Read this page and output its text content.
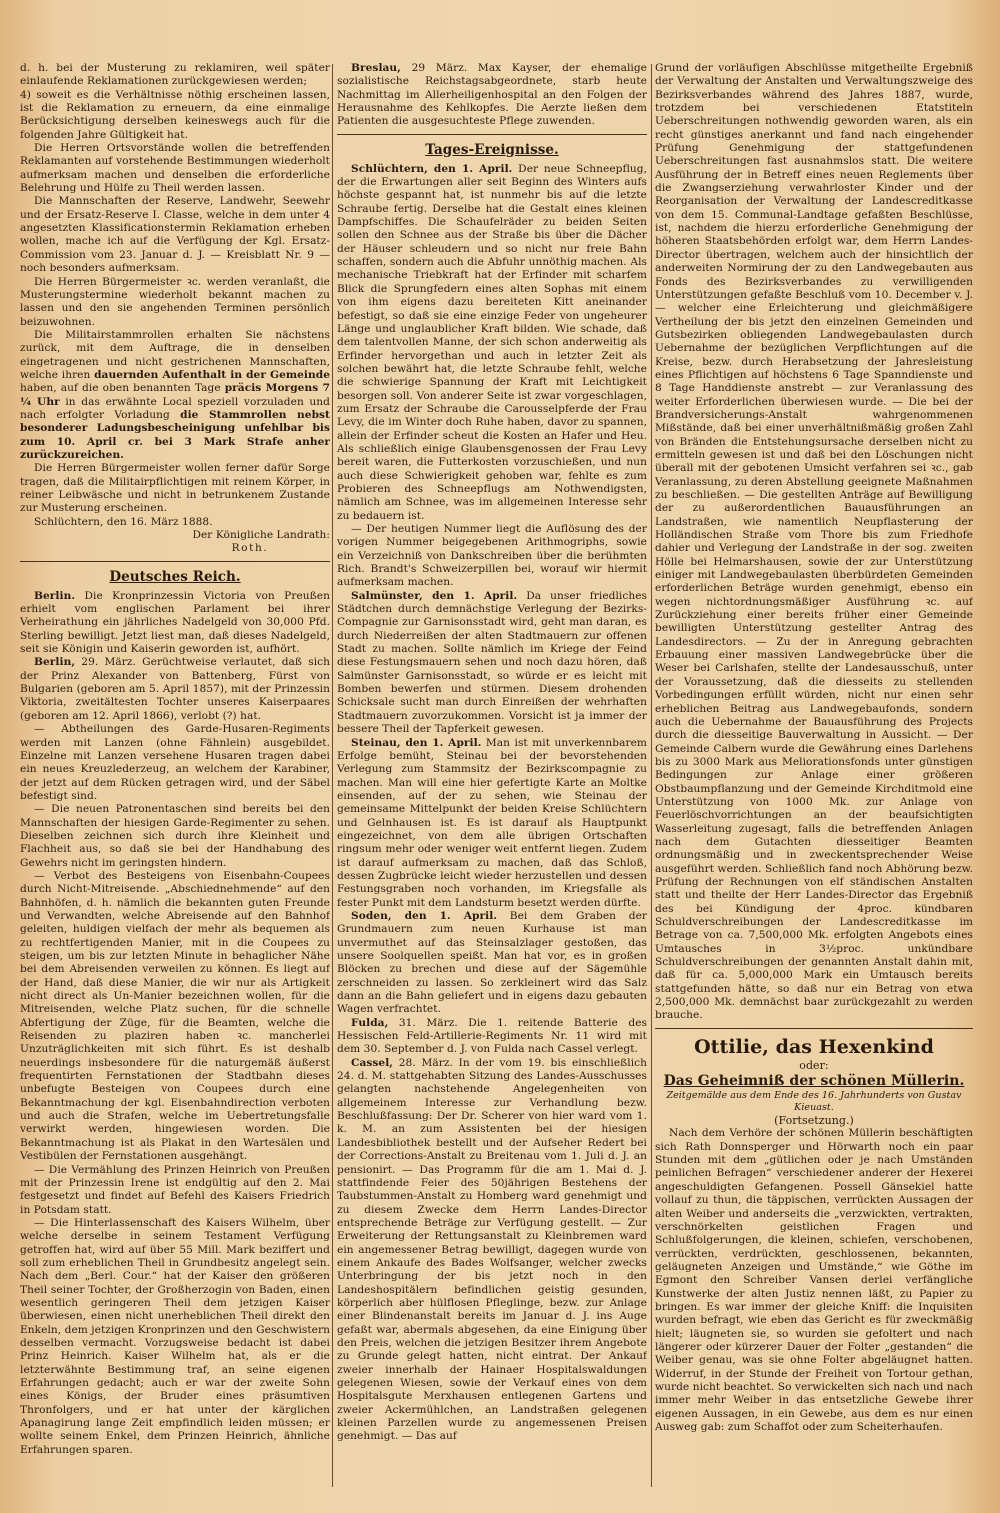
d. h. bei der Musterung zu reklamiren, weil später einlaufende Reklamationen zurückgewiesen werden;

4) soweit es die Verhältnisse nöthig erscheinen lassen, ist die Reklamation zu erneuern, da eine einmalige Berücksichtigung derselben keineswegs auch für die folgenden Jahre Gültigkeit hat.

Die Herren Ortsvorstände wollen die betreffenden Reklamanten auf vorstehende Bestimmungen wiederholt aufmerksam machen und denselben die erforderliche Belehrung und Hülfe zu Theil werden lassen.

Die Mannschaften der Reserve, Landwehr, Seewehr und der Ersatz-Reserve I. Classe, welche in dem unter 4 angesetzten Klassificationstermin Reklamation erheben wollen, mache ich auf die Verfügung der Kgl. Ersatz-Commission vom 23. Januar d. J. — Kreisblatt Nr. 9 — noch besonders aufmerksam.

Die Herren Bürgermeister ꝛc. werden veranlaßt, die Musterungstermine wiederholt bekannt machen zu lassen und den sie angehenden Terminen persönlich beizuwohnen.

Die Militairstammrollen erhalten Sie nächstens zurück, mit dem Auftrage, die in denselben eingetragenen und nicht gestrichenen Mannschaften, welche ihren dauernden Aufenthalt in der Gemeinde haben, auf die oben benannten Tage präcis Morgens 7 ¼ Uhr in das erwähnte Local speziell vorzuladen und nach erfolgter Vorladung die Stammrollen nebst besonderer Ladungsbescheinigung unfehlbar bis zum 10. April cr. bei 3 Mark Strafe anher zurückzureichen.

Die Herren Bürgermeister wollen ferner dafür Sorge tragen, daß die Militairpflichtigen mit reinem Körper, in reiner Leibwäsche und nicht in betrunkenem Zustande zur Musterung erscheinen.

Schlüchtern, den 16. März 1888.

Der Königliche Landrath:

Roth.

Deutsches Reich.

Berlin. Die Kronprinzessin Victoria von Preußen erhielt vom englischen Parlament bei ihrer Verheirathung ein jährliches Nadelgeld von 30,000 Pfd. Sterling bewilligt. Jetzt liest man, daß dieses Nadelgeld, seit sie Königin und Kaiserin geworden ist, aufhört.

Berlin, 29. März. Gerüchtweise verlautet, daß sich der Prinz Alexander von Battenberg, Fürst von Bulgarien (geboren am 5. April 1857), mit der Prinzessin Viktoria, zweitältesten Tochter unseres Kaiserpaares (geboren am 12. April 1866), verlobt (?) hat.

— Abtheilungen des Garde-Husaren-Regiments werden mit Lanzen (ohne Fähnlein) ausgebildet. Einzelne mit Lanzen versehene Husaren tragen dabei ein neues Kreuzlederzeug, an welchem der Karabiner, der jetzt auf dem Rücken getragen wird, und der Säbel befestigt sind.

— Die neuen Patronentaschen sind bereits bei den Mannschaften der hiesigen Garde-Regimenter zu sehen. Dieselben zeichnen sich durch ihre Kleinheit und Flachheit aus, so daß sie bei der Handhabung des Gewehrs nicht im geringsten hindern.

— Verbot des Besteigens von Eisenbahn-Coupees durch Nicht-Mitreisende. „Abschiednehmende“ auf den Bahnhöfen, d. h. nämlich die bekannten guten Freunde und Verwandten, welche Abreisende auf den Bahnhof geleiten, huldigen vielfach der mehr als bequemen als zu rechtfertigenden Manier, mit in die Coupees zu steigen, um bis zur letzten Minute in behaglicher Nähe bei dem Abreisenden verweilen zu können. Es liegt auf der Hand, daß diese Manier, die wir nur als Artigkeit nicht direct als Un-Manier bezeichnen wollen, für die Mitreisenden, welche Platz suchen, für die schnelle Abfertigung der Züge, für die Beamten, welche die Reisenden zu plaziren haben ꝛc. mancherlei Unzuträglichkeiten mit sich führt. Es ist deshalb neuerdings insbesondere für die naturgemäß äußerst frequentirten Fernstationen der Stadtbahn dieses unbefugte Besteigen von Coupees durch eine Bekanntmachung der kgl. Eisenbahndirection verboten und auch die Strafen, welche im Uebertretungsfalle verwirkt werden, hingewiesen worden. Die Bekanntmachung ist als Plakat in den Wartesälen und Vestibülen der Fernstationen ausgehängt.

— Die Vermählung des Prinzen Heinrich von Preußen mit der Prinzessin Irene ist endgültig auf den 2. Mai festgesetzt und findet auf Befehl des Kaisers Friedrich in Potsdam statt.

— Die Hinterlassenschaft des Kaisers Wilhelm, über welche derselbe in seinem Testament Verfügung getroffen hat, wird auf über 55 Mill. Mark beziffert und soll zum erheblichen Theil in Grundbesitz angelegt sein. Nach dem „Berl. Cour.“ hat der Kaiser den größeren Theil seiner Tochter, der Großherzogin von Baden, einen wesentlich geringeren Theil dem jetzigen Kaiser überwiesen, einen nicht unerheblichen Theil direkt den Enkeln, dem jetzigen Kronprinzen und den Geschwistern desselben vermacht. Vorzugsweise bedacht ist dabei Prinz Heinrich. Kaiser Wilhelm hat, als er die letzterwähnte Bestimmung traf, an seine eigenen Erfahrungen gedacht; auch er war der zweite Sohn eines Königs, der Bruder eines präsumtiven Thronfolgers, und er hat unter der kärglichen Apanagirung lange Zeit empfindlich leiden müssen; er wollte seinem Enkel, dem Prinzen Heinrich, ähnliche Erfahrungen sparen.

Breslau, 29 März. Max Kayser, der ehemalige sozialistische Reichstagsabgeordnete, starb heute Nachmittag im Allerheiligenhospital an den Folgen der Herausnahme des Kehlkopfes. Die Aerzte ließen dem Patienten die ausgesuchteste Pflege zuwenden.

Tages-Ereignisse.

Schlüchtern, den 1. April. Der neue Schneepflug, der die Erwartungen aller seit Beginn des Winters aufs höchste gespannt hat, ist nunmehr bis auf die letzte Schraube fertig. Derselbe hat die Gestalt eines kleinen Dampfschiffes. Die Schaufelräder zu beiden Seiten sollen den Schnee aus der Straße bis über die Dächer der Häuser schleudern und so nicht nur freie Bahn schaffen, sondern auch die Abfuhr unnöthig machen. Als mechanische Triebkraft hat der Erfinder mit scharfem Blick die Sprungfedern eines alten Sophas mit einem von ihm eigens dazu bereiteten Kitt aneinander befestigt, so daß sie eine einzige Feder von ungeheurer Länge und unglaublicher Kraft bilden. Wie schade, daß dem talentvollen Manne, der sich schon anderweitig als Erfinder hervorgethan und auch in letzter Zeit als solchen bewährt hat, die letzte Schraube fehlt, welche die schwierige Spannung der Kraft mit Leichtigkeit besorgen soll. Von anderer Seite ist zwar vorgeschlagen, zum Ersatz der Schraube die Carousselpferde der Frau Levy, die im Winter doch Ruhe haben, davor zu spannen, allein der Erfinder scheut die Kosten an Hafer und Heu. Als schließlich einige Glaubensgenossen der Frau Levy bereit waren, die Futterkosten vorzuschießen, und nun auch diese Schwierigkeit gehoben war, fehlte es zum Probieren des Schneepflugs am Nothwendigsten, nämlich am Schnee, was im allgemeinen Interesse sehr zu bedauern ist.

— Der heutigen Nummer liegt die Auflösung des der vorigen Nummer beigegebenen Arithmogriphs, sowie ein Verzeichniß von Dankschreiben über die berühmten Rich. Brandt's Schweizerpillen bei, worauf wir hiermit aufmerksam machen.

Salmünster, den 1. April. Da unser friedliches Städtchen durch demnächstige Verlegung der Bezirks-Compagnie zur Garnisonsstadt wird, geht man daran, es durch Niederreißen der alten Stadtmauern zur offenen Stadt zu machen. Sollte nämlich im Kriege der Feind diese Festungsmauern sehen und noch dazu hören, daß Salmünster Garnisonsstadt, so würde er es leicht mit Bomben bewerfen und stürmen. Diesem drohenden Schicksale sucht man durch Einreißen der wehrhaften Stadtmauern zuvorzukommen. Vorsicht ist ja immer der bessere Theil der Tapferkeit gewesen.

Steinau, den 1. April. Man ist mit unverkennbarem Erfolge bemüht, Steinau bei der bevorstehenden Verlegung zum Stammsitz der Bezirkscompagnie zu machen. Man will eine hier gefertigte Karte an Moltke einsenden, auf der zu sehen, wie Steinau der gemeinsame Mittelpunkt der beiden Kreise Schlüchtern und Gelnhausen ist. Es ist darauf als Hauptpunkt eingezeichnet, von dem alle übrigen Ortschaften ringsum mehr oder weniger weit entfernt liegen. Zudem ist darauf aufmerksam zu machen, daß das Schloß, dessen Zugbrücke leicht wieder herzustellen und dessen Festungsgraben noch vorhanden, im Kriegsfalle als fester Punkt mit dem Landsturm besetzt werden dürfte.

Soden, den 1. April. Bei dem Graben der Grundmauern zum neuen Kurhause ist man unvermuthet auf das Steinsalzlager gestoßen, das unsere Soolquellen speißt. Man hat vor, es in großen Blöcken zu brechen und diese auf der Sägemühle zerschneiden zu lassen. So zerkleinert wird das Salz dann an die Bahn geliefert und in eigens dazu gebauten Wagen verfrachtet.

Fulda, 31. März. Die 1. reitende Batterie des Hessischen Feld-Artillerie-Regiments Nr. 11 wird mit dem 30. September d. J. von Fulda nach Cassel verlegt.

Cassel, 28. März. In der vom 19. bis einschließlich 24. d. M. stattgehabten Sitzung des Landes-Ausschusses gelangten nachstehende Angelegenheiten von allgemeinem Interesse zur Verhandlung bezw. Beschlußfassung: Der Dr. Scherer von hier ward vom 1. k. M. an zum Assistenten bei der hiesigen Landesbibliothek bestellt und der Aufseher Redert bei der Corrections-Anstalt zu Breitenau vom 1. Juli d. J. an pensionirt. — Das Programm für die am 1. Mai d. J. stattfindende Feier des 50jährigen Bestehens der Taubstummen-Anstalt zu Homberg ward genehmigt und zu diesem Zwecke dem Herrn Landes-Director entsprechende Beträge zur Verfügung gestellt. — Zur Erweiterung der Rettungsanstalt zu Kleinbremen ward ein angemessener Betrag bewilligt, dagegen wurde von einem Ankaufe des Bades Wolfsanger, welcher zwecks Unterbringung der bis jetzt noch in den Landeshospitälern befindlichen geistig gesunden, körperlich aber hülflosen Pfleglinge, bezw. zur Anlage einer Blindenanstalt bereits im Januar d. J. ins Auge gefaßt war, abermals abgesehen, da eine Einigung über den Preis, welchen die jetzigen Besitzer ihrem Angebote zu Grunde gelegt hatten, nicht eintrat. Der Ankauf zweier innerhalb der Hainaer Hospitalswaldungen gelegenen Wiesen, sowie der Verkauf eines von dem Hospitalsgute Merxhausen entlegenen Gartens und zweier Ackermühlchen, an Landstraßen gelegenen kleinen Parzellen wurde zu angemessenen Preisen genehmigt. — Das auf

Grund der vorläufigen Abschlüsse mitgetheilte Ergebniß der Verwaltung der Anstalten und Verwaltungszweige des Bezirksverbandes während des Jahres 1887, wurde, trotzdem bei verschiedenen Etatstiteln Ueberschreitungen nothwendig geworden waren, als ein recht günstiges anerkannt und fand nach eingehender Prüfung Genehmigung der stattgefundenen Ueberschreitungen fast ausnahmslos statt. Die weitere Ausführung der in Betreff eines neuen Reglements über die Zwangserziehung verwahrloster Kinder und der Reorganisation der Verwaltung der Landescreditkasse von dem 15. Communal-Landtage gefaßten Beschlüsse, ist, nachdem die hierzu erforderliche Genehmigung der höheren Staatsbehörden erfolgt war, dem Herrn Landes-Director übertragen, welchem auch der hinsichtlich der anderweiten Normirung der zu den Landwegebauten aus Fonds des Bezirksverbandes zu verwilligenden Unterstützungen gefaßte Beschluß vom 10. December v. J. — welcher eine Erleichterung und gleichmäßigere Vertheilung der bis jetzt den einzelnen Gemeinden und Gutsbezirken obliegenden Landwegebaulasten durch Uebernahme der bezüglichen Verpflichtungen auf die Kreise, bezw. durch Herabsetzung der Jahresleistung eines Pflichtigen auf höchstens 6 Tage Spanndienste und 8 Tage Handdienste anstrebt — zur Veranlassung des weiter Erforderlichen überwiesen wurde. — Die bei der Brandversicherungs-Anstalt wahrgenommenen Mißstände, daß bei einer unverhältnißmäßig großen Zahl von Bränden die Entstehungsursache derselben nicht zu ermitteln gewesen ist und daß bei den Löschungen nicht überall mit der gebotenen Umsicht verfahren sei ꝛc., gab Veranlassung, zu deren Abstellung geeignete Maßnahmen zu beschließen. — Die gestellten Anträge auf Bewilligung der zu außerordentlichen Bauausführungen an Landstraßen, wie namentlich Neupflasterung der Holländischen Straße vom Thore bis zum Friedhofe dahier und Verlegung der Landstraße in der sog. zweiten Hölle bei Helmarshausen, sowie der zur Unterstützung einiger mit Landwegebaulasten überbürdeten Gemeinden erforderlichen Beträge wurden genehmigt, ebenso ein wegen nichtordnungsmäßiger Ausführung ꝛc. auf Zurückziehung einer bereits früher einer Gemeinde bewilligten Unterstützung gestellter Antrag des Landesdirectors. — Zu der in Anregung gebrachten Erbauung einer massiven Landwegebrücke über die Weser bei Carlshafen, stellte der Landesausschuß, unter der Voraussetzung, daß die diesseits zu stellenden Vorbedingungen erfüllt würden, nicht nur einen sehr erheblichen Beitrag aus Landwegebaufonds, sondern auch die Uebernahme der Bauausführung des Projects durch die diesseitige Bauverwaltung in Aussicht. — Der Gemeinde Calbern wurde die Gewährung eines Darlehens bis zu 3000 Mark aus Meliorationsfonds unter günstigen Bedingungen zur Anlage einer größeren Obstbaumpflanzung und der Gemeinde Kirchditmold eine Unterstützung von 1000 Mk. zur Anlage von Feuerlöschvorrichtungen an der beaufsichtigten Wasserleitung zugesagt, falls die betreffenden Anlagen nach dem Gutachten diesseitiger Beamten ordnungsmäßig und in zweckentsprechender Weise ausgeführt werden. Schließlich fand noch Abhörung bezw. Prüfung der Rechnungen von elf ständischen Anstalten statt und theilte der Herr Landes-Director das Ergebniß des bei Kündigung der 4proc. kündbaren Schuldverschreibungen der Landescreditkasse im Betrage von ca. 7,500,000 Mk. erfolgten Angebots eines Umtausches in 3½proc. unkündbare Schuldverschreibungen der genannten Anstalt dahin mit, daß für ca. 5,000,000 Mark ein Umtausch bereits stattgefunden hätte, so daß nur ein Betrag von etwa 2,500,000 Mk. demnächst baar zurückgezahlt zu werden brauche.

Ottilie, das Hexenkind
oder:
Das Geheimniß der schönen Müllerin.
Zeitgemälde aus dem Ende des 16. Jahrhunderts von Gustav Kieuast.
(Fortsetzung.)

Nach dem Verhöre der schönen Müllerin beschäftigten sich Rath Donnsperger und Hörwarth noch ein paar Stunden mit dem „gütlichen oder je nach Umständen peinlichen Befragen“ verschiedener anderer der Hexerei angeschuldigten Gefangenen. Possell Gänsekiel hatte vollauf zu thun, die täppischen, verrückten Aussagen der alten Weiber und anderseits die „verzwickten, vertrakten, verschnörkelten geistlichen Fragen und Schlußfolgerungen, die kleinen, schiefen, verschobenen, verrückten, verdrückten, geschlossenen, bekannten, geläugneten Anzeigen und Umstände,“ wie Göthe im Egmont den Schreiber Vansen derlei verfängliche Kunstwerke der alten Justiz nennen läßt, zu Papier zu bringen. Es war immer der gleiche Kniff: die Inquisiten wurden befragt, wie eben das Gericht es für zweckmäßig hielt; läugneten sie, so wurden sie gefoltert und nach längerer oder kürzerer Dauer der Folter „gestanden“ die Weiber genau, was sie ohne Folter abgeläugnet hatten. Widerruf, in der Stunde der Freiheit von Tortour gethan, wurde nicht beachtet. So verwickelten sich nach und nach immer mehr Weiber in das entsetzliche Gewebe ihrer eigenen Aussagen, in ein Gewebe, aus dem es nur einen Ausweg gab: zum Schaffot oder zum Scheiterhaufen.
